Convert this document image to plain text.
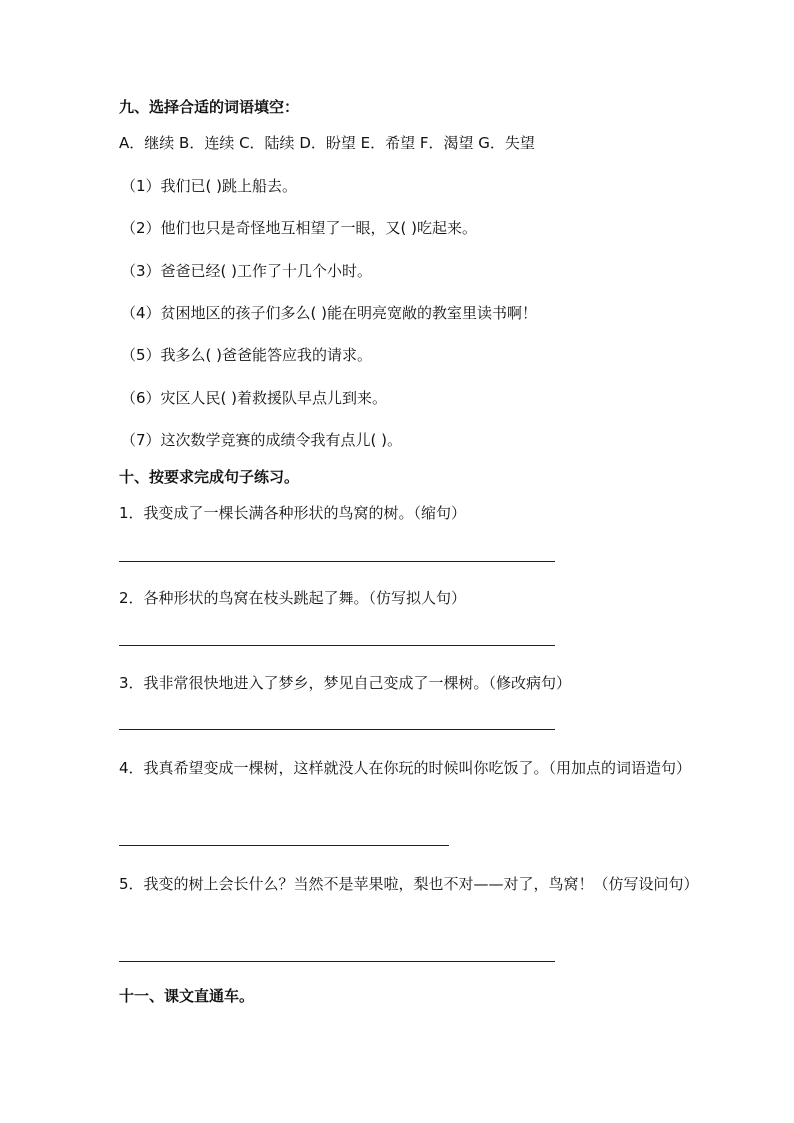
九、选择合适的词语填空：
A．继续 B．连续 C．陆续 D．盼望 E．希望 F．渴望 G．失望
（1）我们已( )跳上船去。
（2）他们也只是奇怪地互相望了一眼，又( )吃起来。
（3）爸爸已经( )工作了十几个小时。
（4）贫困地区的孩子们多么( )能在明亮宽敞的教室里读书啊！
（5）我多么( )爸爸能答应我的请求。
（6）灾区人民( )着救援队早点儿到来。
（7）这次数学竞赛的成绩令我有点儿( )。
十、按要求完成句子练习。
1．我变成了一棵长满各种形状的鸟窝的树。（缩句）
2．各种形状的鸟窝在枝头跳起了舞。（仿写拟人句）
3．我非常很快地进入了梦乡，梦见自己变成了一棵树。（修改病句）
4．我真希望变成一棵树，这样就没人在你玩的时候叫你吃饭了。（用加点的词语造句）
5．我变的树上会长什么？当然不是苹果啦，梨也不对——对了，鸟窝！（仿写设问句）
十一、课文直通车。
